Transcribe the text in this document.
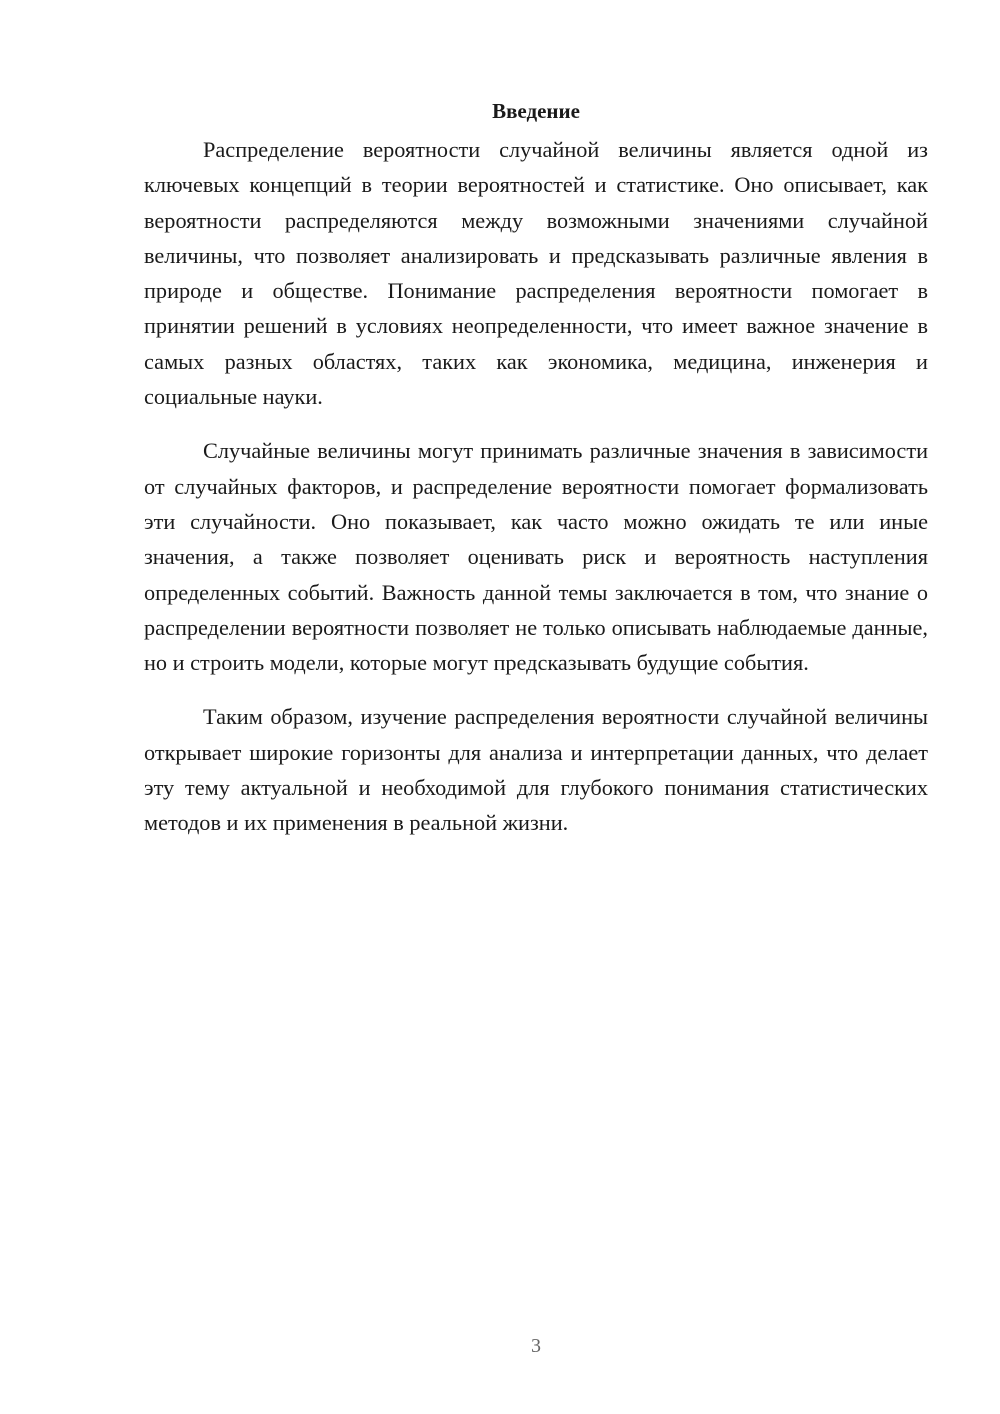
Введение

Распределение вероятности случайной величины является одной из ключевых концепций в теории вероятностей и статистике. Оно описывает, как вероятности распределяются между возможными значениями случайной величины, что позволяет анализировать и предсказывать различные явления в природе и обществе. Понимание распределения вероятности помогает в принятии решений в условиях неопределенности, что имеет важное значение в самых разных областях, таких как экономика, медицина, инженерия и социальные науки.

Случайные величины могут принимать различные значения в зависимости от случайных факторов, и распределение вероятности помогает формализовать эти случайности. Оно показывает, как часто можно ожидать те или иные значения, а также позволяет оценивать риск и вероятность наступления определенных событий. Важность данной темы заключается в том, что знание о распределении вероятности позволяет не только описывать наблюдаемые данные, но и строить модели, которые могут предсказывать будущие события.

Таким образом, изучение распределения вероятности случайной величины открывает широкие горизонты для анализа и интерпретации данных, что делает эту тему актуальной и необходимой для глубокого понимания статистических методов и их применения в реальной жизни.

3
